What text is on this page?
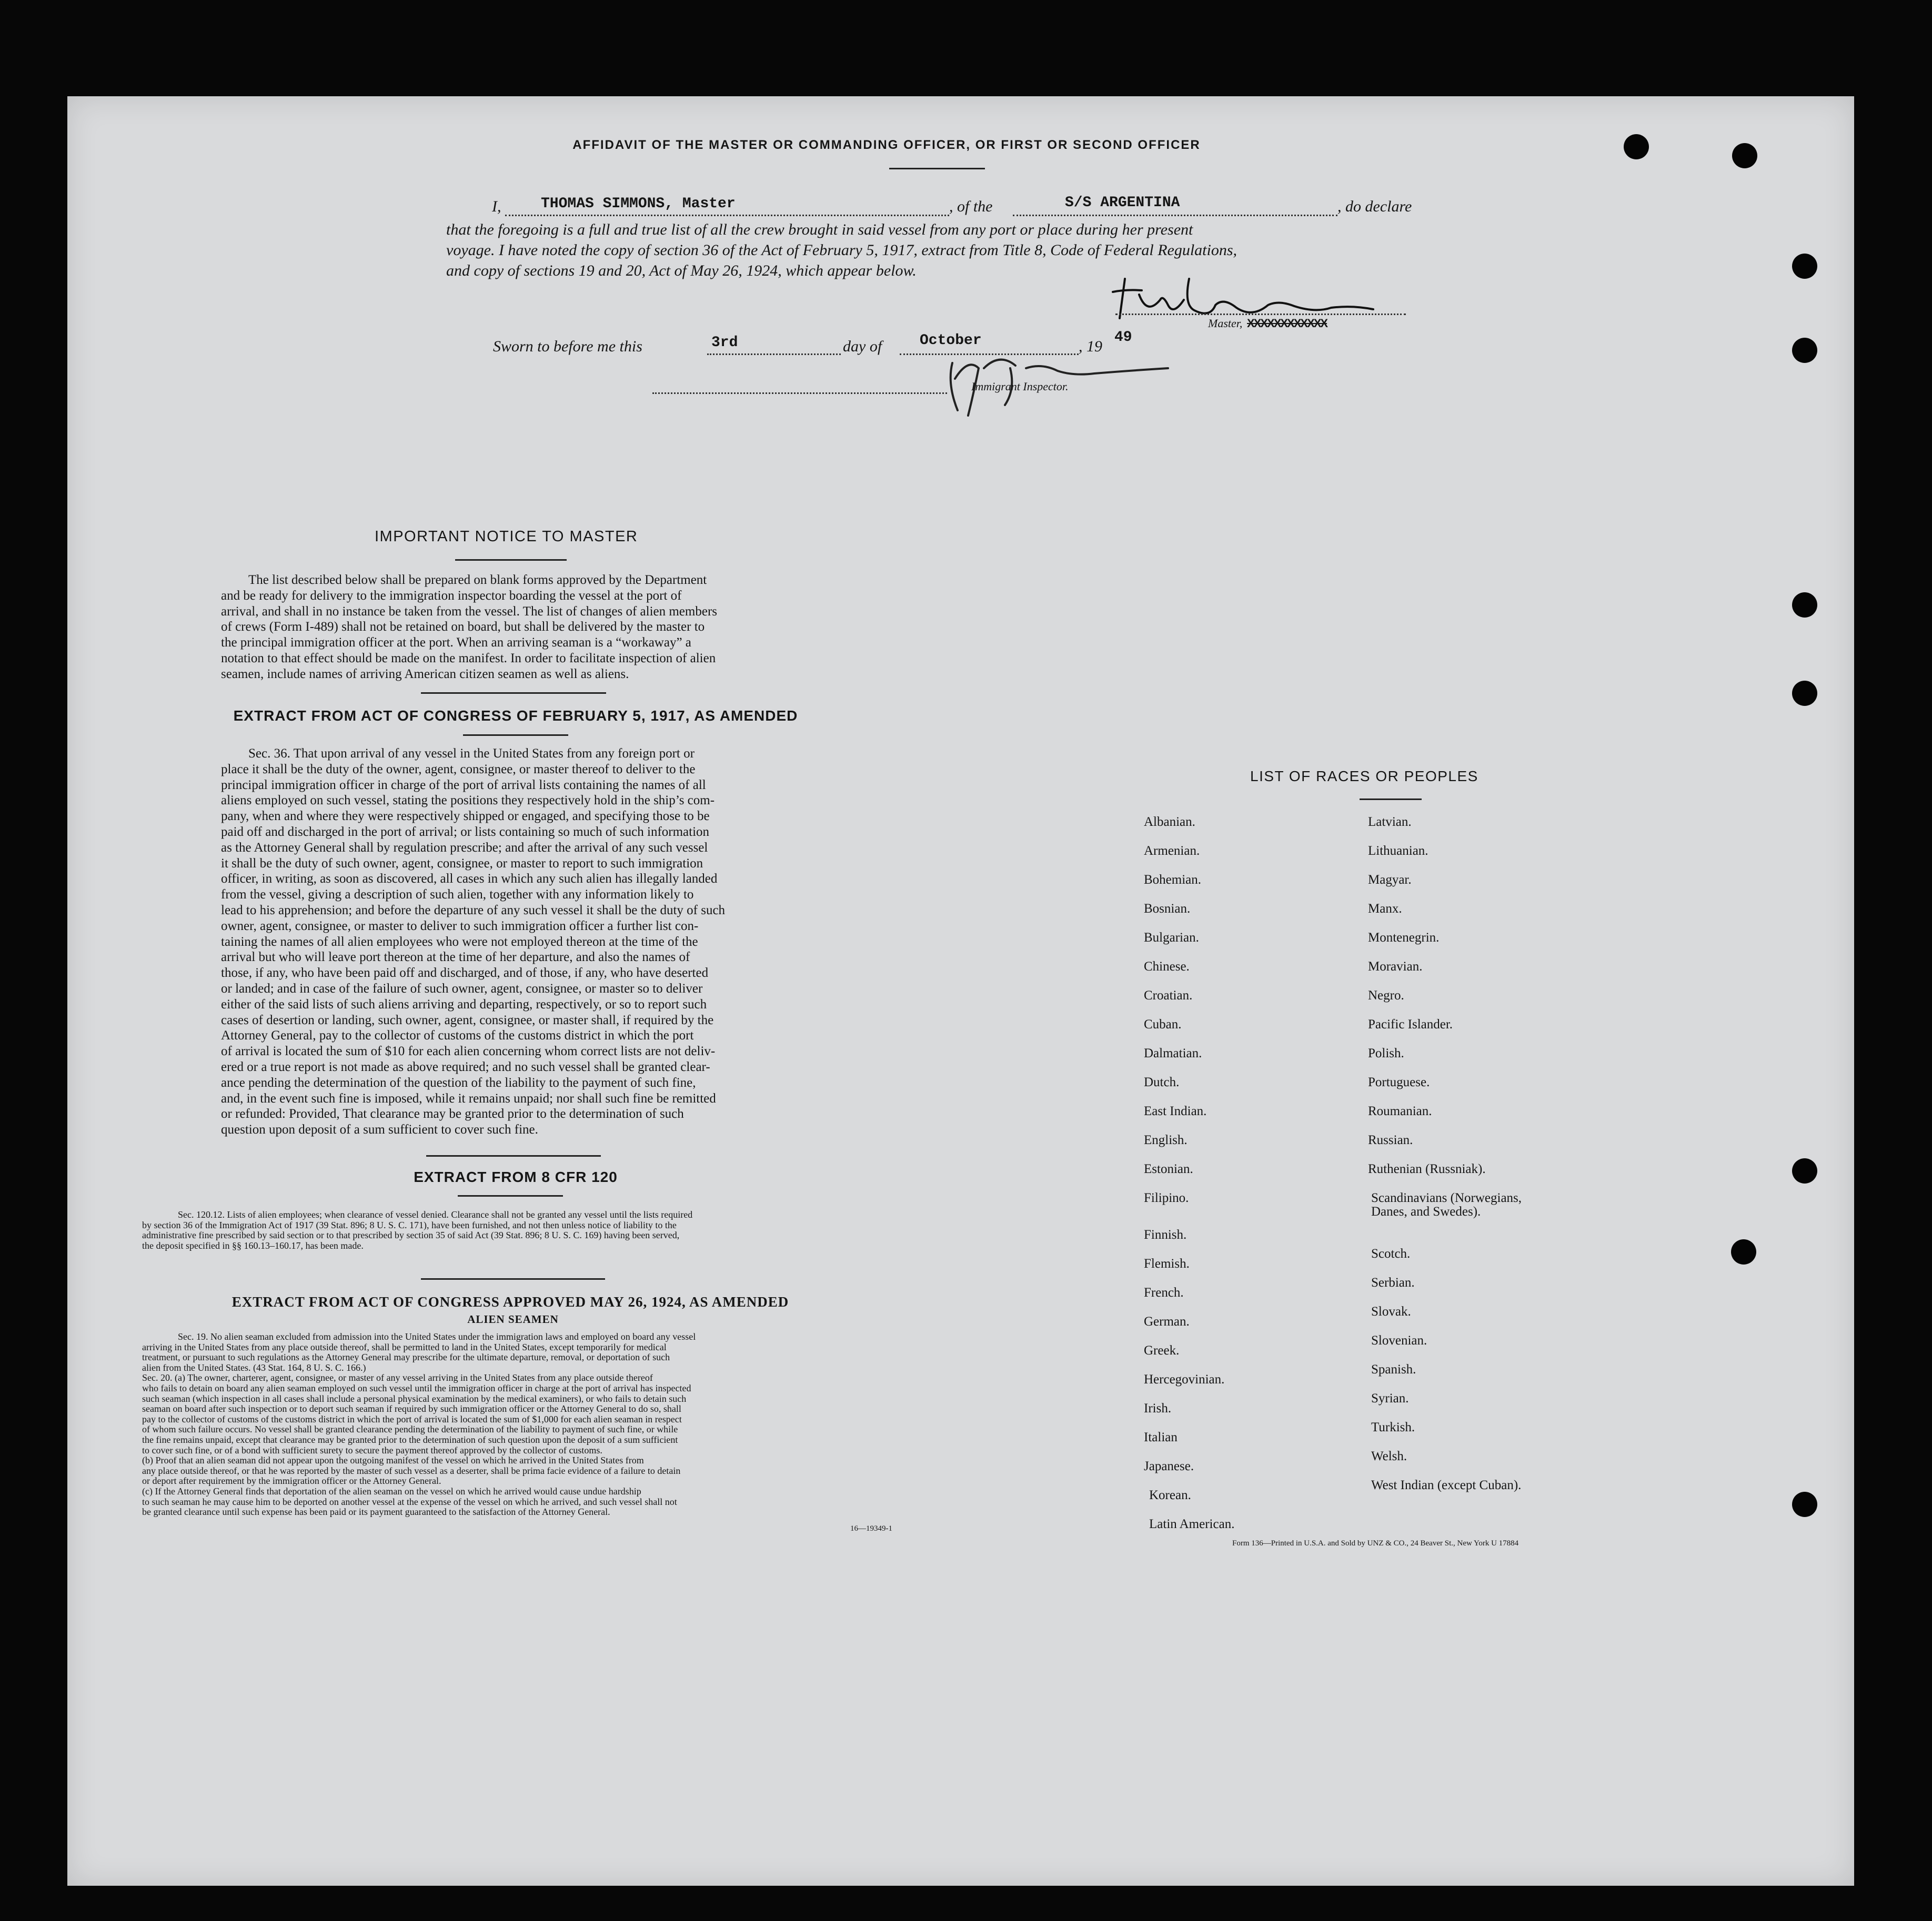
AFFIDAVIT OF THE MASTER OR COMMANDING OFFICER, OR FIRST OR SECOND OFFICER
I,	THOMAS SIMMONS, Master	, of the	S/S ARGENTINA	, do declare
that the foregoing is a full and true list of all the crew brought in said vessel from any port or place during her present
voyage. I have noted the copy of section 36 of the Act of February 5, 1917, extract from Title 8, Code of Federal Regulations,
and copy of sections 19 and 20, Act of May 26, 1924, which appear below.
Master, XXXXXXXXXXXX
Sworn to before me this	3rd	day of	October	, 19
49
Immigrant Inspector.
IMPORTANT NOTICE TO MASTER
The list described below shall be prepared on blank forms approved by the Department
and be ready for delivery to the immigration inspector boarding the vessel at the port of
arrival, and shall in no instance be taken from the vessel. The list of changes of alien members
of crews (Form I-489) shall not be retained on board, but shall be delivered by the master to
the principal immigration officer at the port. When an arriving seaman is a “workaway” a
notation to that effect should be made on the manifest. In order to facilitate inspection of alien
seamen, include names of arriving American citizen seamen as well as aliens.
EXTRACT FROM ACT OF CONGRESS OF FEBRUARY 5, 1917, AS AMENDED
Sec. 36. That upon arrival of any vessel in the United States from any foreign port or
place it shall be the duty of the owner, agent, consignee, or master thereof to deliver to the
principal immigration officer in charge of the port of arrival lists containing the names of all
aliens employed on such vessel, stating the positions they respectively hold in the ship’s com-
pany, when and where they were respectively shipped or engaged, and specifying those to be
paid off and discharged in the port of arrival; or lists containing so much of such information
as the Attorney General shall by regulation prescribe; and after the arrival of any such vessel
it shall be the duty of such owner, agent, consignee, or master to report to such immigration
officer, in writing, as soon as discovered, all cases in which any such alien has illegally landed
from the vessel, giving a description of such alien, together with any information likely to
lead to his apprehension; and before the departure of any such vessel it shall be the duty of such
owner, agent, consignee, or master to deliver to such immigration officer a further list con-
taining the names of all alien employees who were not employed thereon at the time of the
arrival but who will leave port thereon at the time of her departure, and also the names of
those, if any, who have been paid off and discharged, and of those, if any, who have deserted
or landed; and in case of the failure of such owner, agent, consignee, or master so to deliver
either of the said lists of such aliens arriving and departing, respectively, or so to report such
cases of desertion or landing, such owner, agent, consignee, or master shall, if required by the
Attorney General, pay to the collector of customs of the customs district in which the port
of arrival is located the sum of $10 for each alien concerning whom correct lists are not deliv-
ered or a true report is not made as above required; and no such vessel shall be granted clear-
ance pending the determination of the question of the liability to the payment of such fine,
and, in the event such fine is imposed, while it remains unpaid; nor shall such fine be remitted
or refunded: Provided, That clearance may be granted prior to the determination of such
question upon deposit of a sum sufficient to cover such fine.
EXTRACT FROM 8 CFR 120
Sec. 120.12. Lists of alien employees; when clearance of vessel denied. Clearance shall not be granted any vessel until the lists required
by section 36 of the Immigration Act of 1917 (39 Stat. 896; 8 U. S. C. 171), have been furnished, and not then unless notice of liability to the
administrative fine prescribed by said section or to that prescribed by section 35 of said Act (39 Stat. 896; 8 U. S. C. 169) having been served,
the deposit specified in §§ 160.13–160.17, has been made.
EXTRACT FROM ACT OF CONGRESS APPROVED MAY 26, 1924, AS AMENDED
ALIEN SEAMEN
Sec. 19. No alien seaman excluded from admission into the United States under the immigration laws and employed on board any vessel
arriving in the United States from any place outside thereof, shall be permitted to land in the United States, except temporarily for medical
treatment, or pursuant to such regulations as the Attorney General may prescribe for the ultimate departure, removal, or deportation of such
alien from the United States. (43 Stat. 164, 8 U. S. C. 166.)
Sec. 20. (a) The owner, charterer, agent, consignee, or master of any vessel arriving in the United States from any place outside thereof
who fails to detain on board any alien seaman employed on such vessel until the immigration officer in charge at the port of arrival has inspected
such seaman (which inspection in all cases shall include a personal physical examination by the medical examiners), or who fails to detain such
seaman on board after such inspection or to deport such seaman if required by such immigration officer or the Attorney General to do so, shall
pay to the collector of customs of the customs district in which the port of arrival is located the sum of $1,000 for each alien seaman in respect
of whom such failure occurs. No vessel shall be granted clearance pending the determination of the liability to payment of such fine, or while
the fine remains unpaid, except that clearance may be granted prior to the determination of such question upon the deposit of a sum sufficient
to cover such fine, or of a bond with sufficient surety to secure the payment thereof approved by the collector of customs.
(b) Proof that an alien seaman did not appear upon the outgoing manifest of the vessel on which he arrived in the United States from
any place outside thereof, or that he was reported by the master of such vessel as a deserter, shall be prima facie evidence of a failure to detain
or deport after requirement by the immigration officer or the Attorney General.
(c) If the Attorney General finds that deportation of the alien seaman on the vessel on which he arrived would cause undue hardship
to such seaman he may cause him to be deported on another vessel at the expense of the vessel on which he arrived, and such vessel shall not
be granted clearance until such expense has been paid or its payment guaranteed to the satisfaction of the Attorney General.
16—19349-1
LIST OF RACES OR PEOPLES
Albanian.
Armenian.
Bohemian.
Bosnian.
Bulgarian.
Chinese.
Croatian.
Cuban.
Dalmatian.
Dutch.
East Indian.
English.
Estonian.
Filipino.
Finnish.
Flemish.
French.
German.
Greek.
Hercegovinian.
Irish.
Italian
Japanese.
Korean.
Latin American.
Latvian.
Lithuanian.
Magyar.
Manx.
Montenegrin.
Moravian.
Negro.
Pacific Islander.
Polish.
Portuguese.
Roumanian.
Russian.
Ruthenian (Russniak).
Scandinavians (Norwegians,
Danes, and Swedes).
Scotch.
Serbian.
Slovak.
Slovenian.
Spanish.
Syrian.
Turkish.
Welsh.
West Indian (except Cuban).
Form 136—Printed in U.S.A. and Sold by UNZ & CO., 24 Beaver St., New York U 17884
